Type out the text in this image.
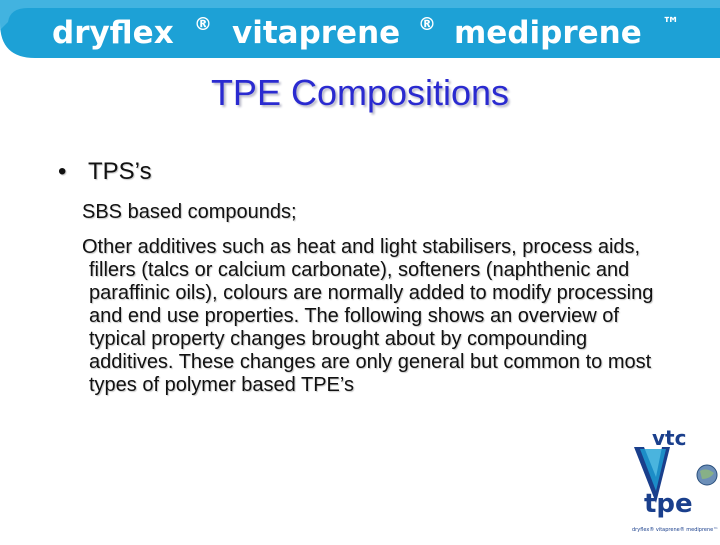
dryflex ® vitaprene ® mediprene ™
TPE Compositions
• TPS’s
SBS based compounds;
Other additives such as heat and light stabilisers, process aids, fillers (talcs or calcium carbonate), softeners (naphthenic and paraffinic oils), colours are normally added to modify processing and end use properties. The following shows an overview of typical property changes brought about by compounding additives. These changes are only general but common to most types of polymer based TPE’s
vtc
tpe
dryflex® vitaprene® mediprene™
